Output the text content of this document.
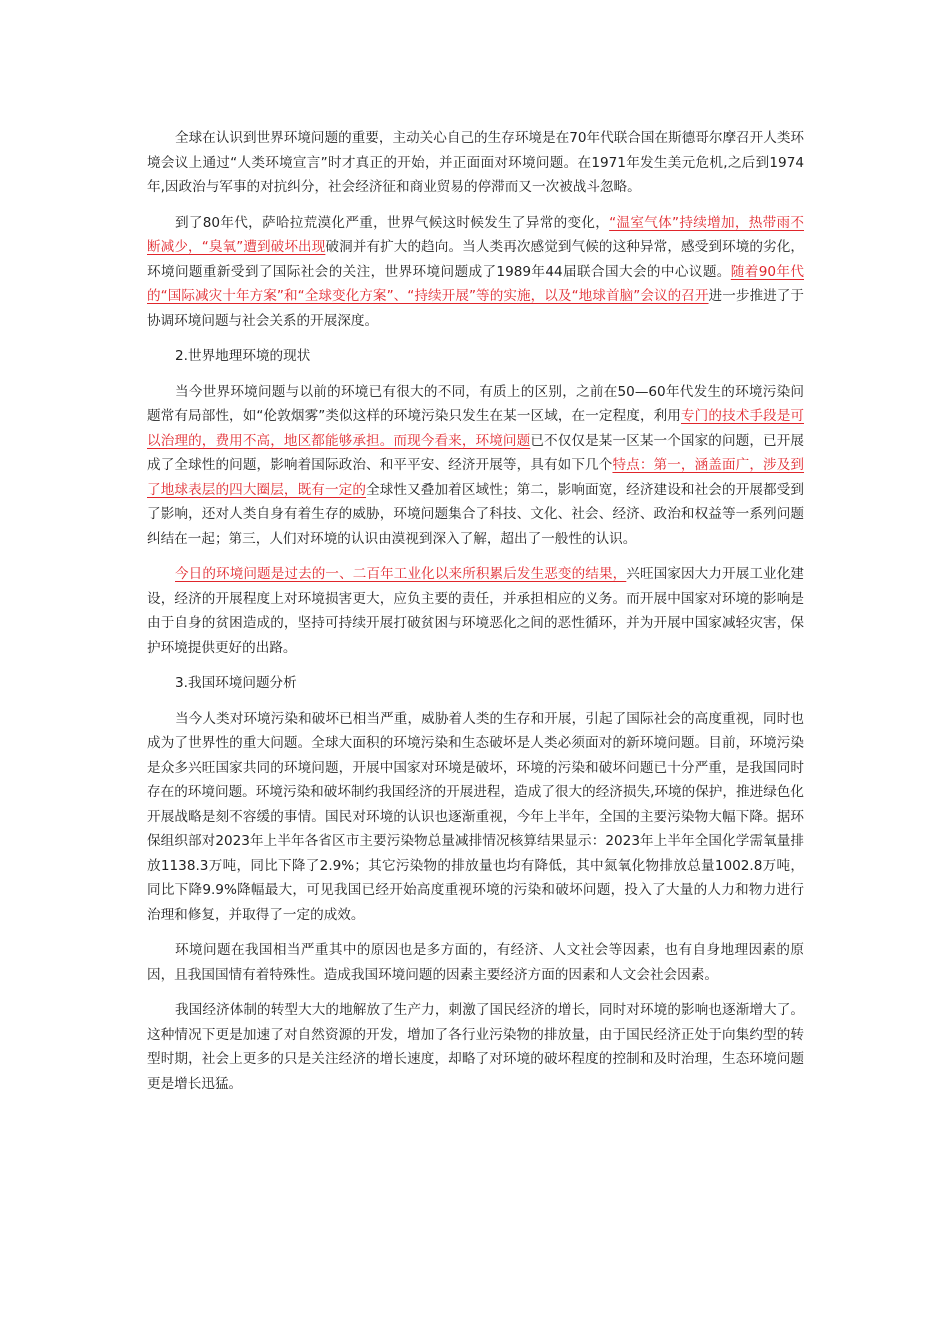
全球在认识到世界环境问题的重要，主动关心自己的生存环境是在70年代联合国在斯德哥尔摩召开人类环境会议上通过“人类环境宣言”时才真正的开始，并正面面对环境问题。在1971年发生美元危机,之后到1974年,因政治与军事的对抗纠分，社会经济征和商业贸易的停滞而又一次被战斗忽略。

到了80年代，萨哈拉荒漠化严重，世界气候这时候发生了异常的变化，“温室气体”持续增加，热带雨不断减少，“臭氧”遭到破坏出现破洞并有扩大的趋向。当人类再次感觉到气候的这种异常，感受到环境的劣化，环境问题重新受到了国际社会的关注，世界环境问题成了1989年44届联合国大会的中心议题。随着90年代的“国际减灾十年方案”和“全球变化方案”、“持续开展”等的实施，以及“地球首脑”会议的召开进一步推进了于协调环境问题与社会关系的开展深度。

2.世界地理环境的现状

当今世界环境问题与以前的环境已有很大的不同，有质上的区别，之前在50—60年代发生的环境污染问题常有局部性，如“伦敦烟雾”类似这样的环境污染只发生在某一区域，在一定程度，利用专门的技术手段是可以治理的，费用不高，地区都能够承担。而现今看来，环境问题已不仅仅是某一区某一个国家的问题，已开展成了全球性的问题，影响着国际政治、和平平安、经济开展等，具有如下几个特点：第一，涵盖面广，涉及到了地球表层的四大圈层，既有一定的全球性又叠加着区域性；第二，影响面宽，经济建设和社会的开展都受到了影响，还对人类自身有着生存的威胁，环境问题集合了科技、文化、社会、经济、政治和权益等一系列问题纠结在一起；第三，人们对环境的认识由漠视到深入了解，超出了一般性的认识。

今日的环境问题是过去的一、二百年工业化以来所积累后发生恶变的结果，兴旺国家因大力开展工业化建设，经济的开展程度上对环境损害更大，应负主要的责任，并承担相应的义务。而开展中国家对环境的影响是由于自身的贫困造成的，坚持可持续开展打破贫困与环境恶化之间的恶性循环，并为开展中国家减轻灾害，保护环境提供更好的出路。

3.我国环境问题分析

当今人类对环境污染和破坏已相当严重，威胁着人类的生存和开展，引起了国际社会的高度重视，同时也成为了世界性的重大问题。全球大面积的环境污染和生态破坏是人类必须面对的新环境问题。目前，环境污染是众多兴旺国家共同的环境问题，开展中国家对环境是破坏，环境的污染和破坏问题已十分严重，是我国同时存在的环境问题。环境污染和破坏制约我国经济的开展进程，造成了很大的经济损失,环境的保护，推进绿色化开展战略是刻不容缓的事情。国民对环境的认识也逐渐重视，今年上半年，全国的主要污染物大幅下降。据环保组织部对2023年上半年各省区市主要污染物总量减排情况核算结果显示：2023年上半年全国化学需氧量排放1138.3万吨，同比下降了2.9%；其它污染物的排放量也均有降低，其中氮氧化物排放总量1002.8万吨，同比下降9.9%降幅最大，可见我国已经开始高度重视环境的污染和破坏问题，投入了大量的人力和物力进行治理和修复，并取得了一定的成效。

环境问题在我国相当严重其中的原因也是多方面的，有经济、人文社会等因素，也有自身地理因素的原因，且我国国情有着特殊性。造成我国环境问题的因素主要经济方面的因素和人文会社会因素。

我国经济体制的转型大大的地解放了生产力，刺激了国民经济的增长，同时对环境的影响也逐渐增大了。这种情况下更是加速了对自然资源的开发，增加了各行业污染物的排放量，由于国民经济正处于向集约型的转型时期，社会上更多的只是关注经济的增长速度，却略了对环境的破坏程度的控制和及时治理，生态环境问题更是增长迅猛。
